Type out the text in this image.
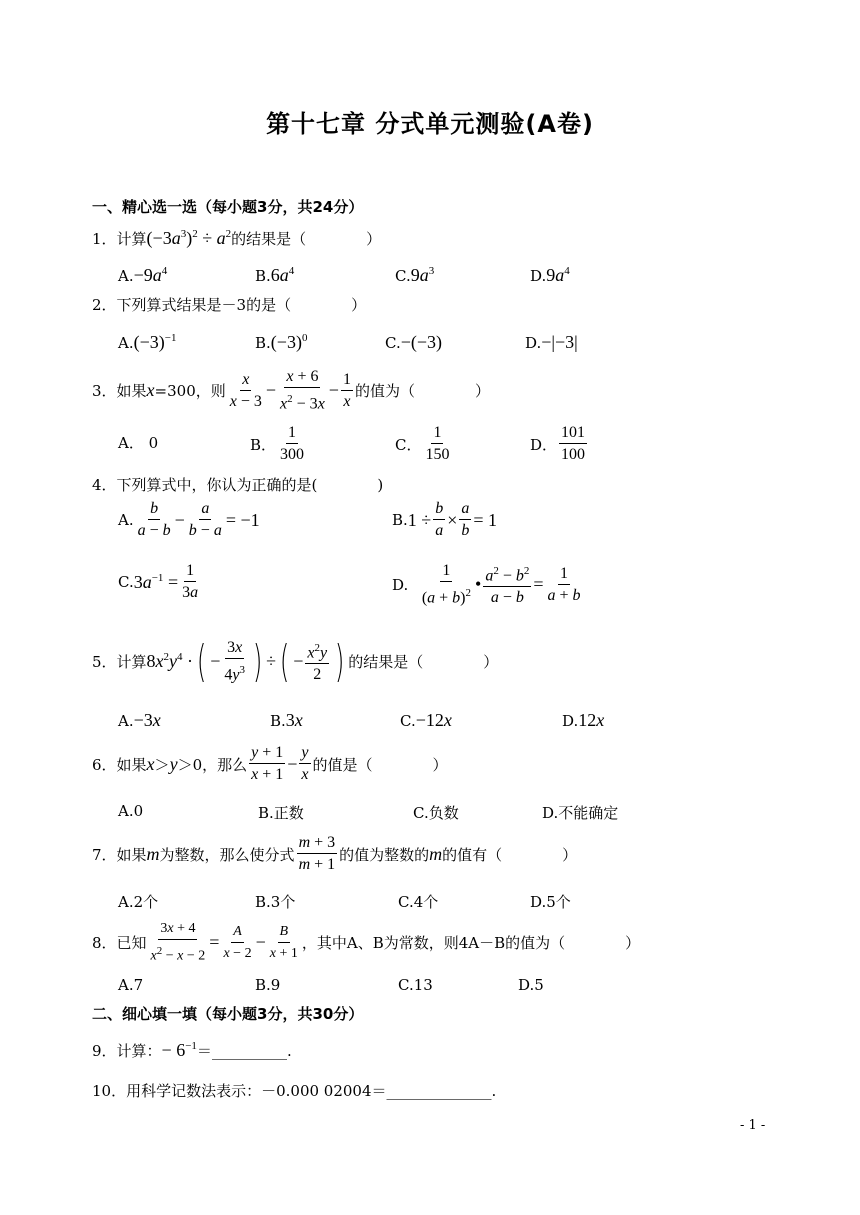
第十七章 分式单元测验(A卷)
一、精心选一选（每小题3分，共24分）
1．计算 $(-3a^3)^2 \div a^2$ 的结果是（　　　　）
A. $-9a^4$	B. $6a^4$	C. $9a^3$	D. $9a^4$
2．下列算式结果是－3的是（　　　　）
A. $(-3)^{-1}$	B. $(-3)^0$	C. −(−3)	D. −|−3|
3．如果 x =300，则 $\frac{x}{x - 3} - \frac{x + 6}{x^2 - 3x} - \frac{1}{x}$ 的值为（　　　　）
A．
0	B． $\frac{1}{300}$	C． $\frac{1}{150}$	D． $\frac{101}{100}$
4．下列算式中，你认为正确的是(　　　　)
A. $\frac{b}{a - b} - \frac{a}{b - a} = -1$	B. $1 \div \frac{b}{a} \times \frac{a}{b} = 1$
C. $3a^{-1} = \frac{1}{3a}$	D.
$\frac{1}{(a + b)^2}$ • $\frac{a^2 - b^2}{a - b} = \frac{1}{a + b}$
5．计算 $8x^2y^4$ · ( − $\frac{3x}{4y^3}$ ) ÷ ( − $\frac{x^2y}{2}$ ) 的结果是（　　　　）
A. −3x	B. 3x	C. −12x	D. 12x
6．如果 x ＞ y ＞0，那么 $\frac{y + 1}{x + 1} - \frac{y}{x}$ 的值是（　　　　）
A.0	B.正数	C.负数	D.不能确定
7．如果 m 为整数，那么使分式 $\frac{m + 3}{m + 1}$ 的值为整数的 m 的值有（　　　　）
A.2个	B.3个	C.4个	D.5个
8．已知 $\frac{3x + 4}{x^2 - x - 2} = \frac{A}{x - 2} - \frac{B}{x + 1}$ ，其中A、B为常数，则4A－B的值为（　　　　）
A.7	B.9	C.13	D.5
二、细心填一填（每小题3分，共30分）
9．计算： − $6^{-1}$ ＝ __________ .
10．用科学记数法表示：－0.000 02004＝ ______________ .
- 1 -
